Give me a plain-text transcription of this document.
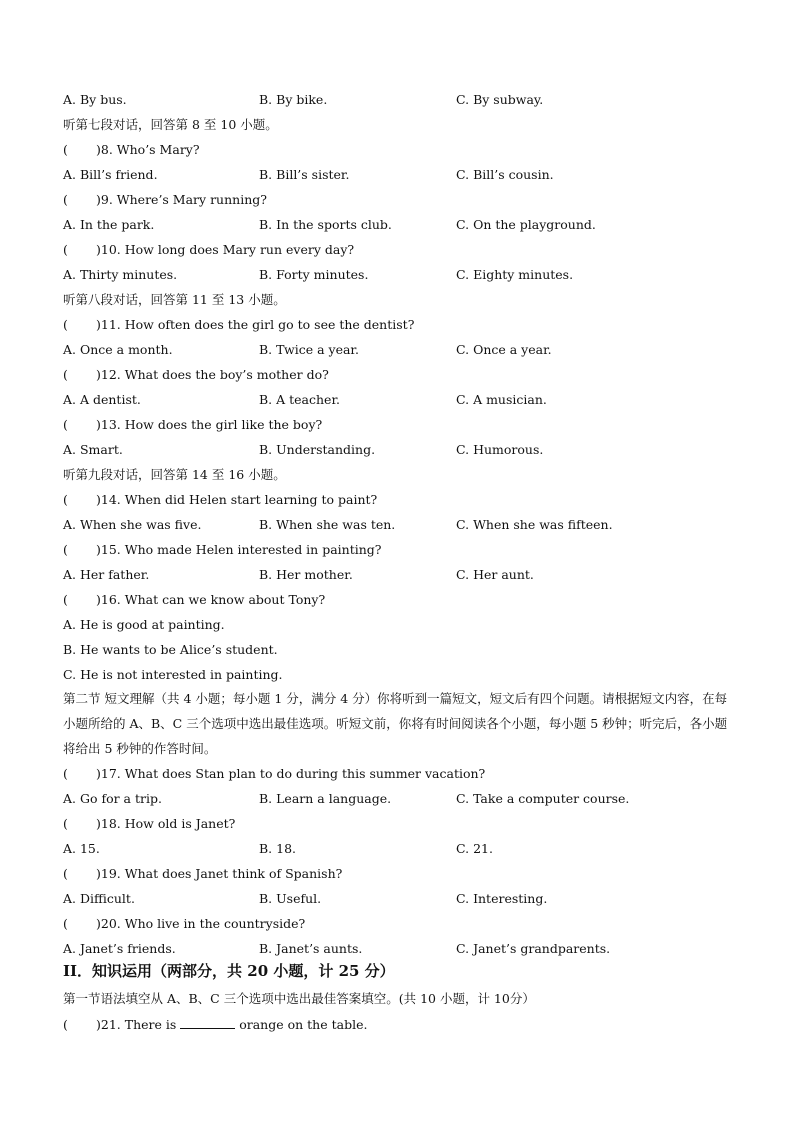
A. By bus.	B. By bike.	C. By subway.
听第七段对话，回答第 8 至 10 小题。
( )8. Who’s Mary?
A. Bill’s friend.	B. Bill’s sister.	C. Bill’s cousin.
( )9. Where’s Mary running?
A. In the park.	B. In the sports club.	C. On the playground.
( )10. How long does Mary run every day?
A. Thirty minutes.	B. Forty minutes.	C. Eighty minutes.
听第八段对话，回答第 11 至 13 小题。
( )11. How often does the girl go to see the dentist?
A. Once a month.	B. Twice a year.	C. Once a year.
( )12. What does the boy’s mother do?
A. A dentist.	B. A teacher.	C. A musician.
( )13. How does the girl like the boy?
A. Smart.	B. Understanding.	C. Humorous.
听第九段对话，回答第 14 至 16 小题。
( )14. When did Helen start learning to paint?
A. When she was five.	B. When she was ten.	C. When she was fifteen.
( )15. Who made Helen interested in painting?
A. Her father.	B. Her mother.	C. Her aunt.
( )16. What can we know about Tony?
A. He is good at painting.
B. He wants to be Alice’s student.
C. He is not interested in painting.
第二节 短文理解（共 4 小题；每小题 1 分，满分 4 分）你将听到一篇短文，短文后有四个问题。请根据短文内容，在每小题所给的 A、B、C 三个选项中选出最佳选项。听短文前，你将有时间阅读各个小题，每小题 5 秒钟；听完后，各小题将给出 5 秒钟的作答时间。
( )17. What does Stan plan to do during this summer vacation?
A. Go for a trip.	B. Learn a language.	C. Take a computer course.
( )18. How old is Janet?
A. 15.	B. 18.	C. 21.
( )19. What does Janet think of Spanish?
A. Difficult.	B. Useful.	C. Interesting.
( )20. Who live in the countryside?
A. Janet’s friends.	B. Janet’s aunts.	C. Janet’s grandparents.
II．知识运用（两部分，共 20 小题，计 25 分）
第一节语法填空从 A、B、C 三个选项中选出最佳答案填空。(共 10 小题，计 10分）
( )21. There is	orange on the table.
